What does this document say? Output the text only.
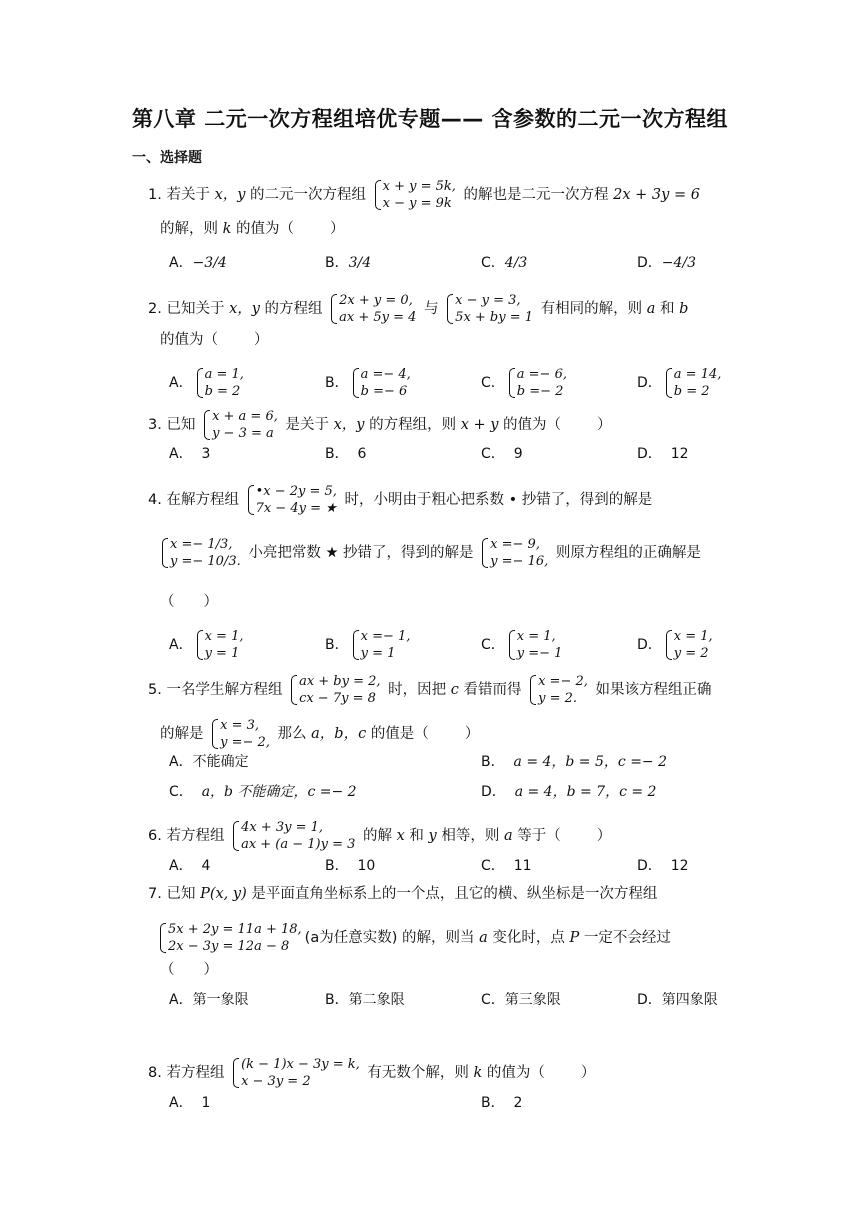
第八章 二元一次方程组培优专题—— 含参数的二元一次方程组
一、选择题
1. 若关于 x，y 的二元一次方程组
x + y = 5k,
x − y = 9k
的解也是二元一次方程 2x + 3y = 6
的解，则 k 的值为（ ）
A．−3/4	B．3/4	C．4/3	D．−4/3
2. 已知关于 x，y 的方程组
2x + y = 0,
ax + 5y = 4
与
x − y = 3,
5x + by = 1
有相同的解，则 a 和 b
的值为（ ）
A．
a = 1,
b = 2
B．
a =− 4,
b =− 6
C．
a =− 6,
b =− 2
D．
a = 14,
b = 2
3. 已知
x + a = 6,
y − 3 = a
是关于 x，y 的方程组，则 x + y 的值为（ ）
A． 3	B． 6	C． 9	D． 12
4. 在解方程组
•x − 2y = 5,
7x − 4y = ★
时，小明由于粗心把系数 • 抄错了，得到的解是
x =− 1/3,
y =− 10/3.
小亮把常数 ★ 抄错了，得到的解是
x =− 9,
y =− 16,
则原方程组的正确解是
（　　）
A．
x = 1,
y = 1
B．
x =− 1,
y = 1
C．
x = 1,
y =− 1
D．
x = 1,
y = 2
5. 一名学生解方程组
ax + by = 2,
cx − 7y = 8
时，因把 c 看错而得
x =− 2,
y = 2.
如果该方程组正确
的解是
x = 3,
y =− 2,
那么 a，b，c 的值是（ ）
A．不能确定	B． a = 4，b = 5，c =− 2
C． a，b 不能确定，c =− 2	D． a = 4，b = 7，c = 2
6. 若方程组
4x + 3y = 1,
ax + (a − 1)y = 3
的解 x 和 y 相等，则 a 等于（ ）
A． 4	B． 10	C． 11	D． 12
7. 已知 P(x, y) 是平面直角坐标系上的一个点，且它的横、纵坐标是一次方程组
5x + 2y = 11a + 18,
2x − 3y = 12a − 8
(a为任意实数) 的解，则当 a 变化时，点 P 一定不会经过
（　　）
A．第一象限	B．第二象限	C．第三象限	D．第四象限
8. 若方程组
(k − 1)x − 3y = k,
x − 3y = 2
有无数个解，则 k 的值为（ ）
A． 1	B． 2
